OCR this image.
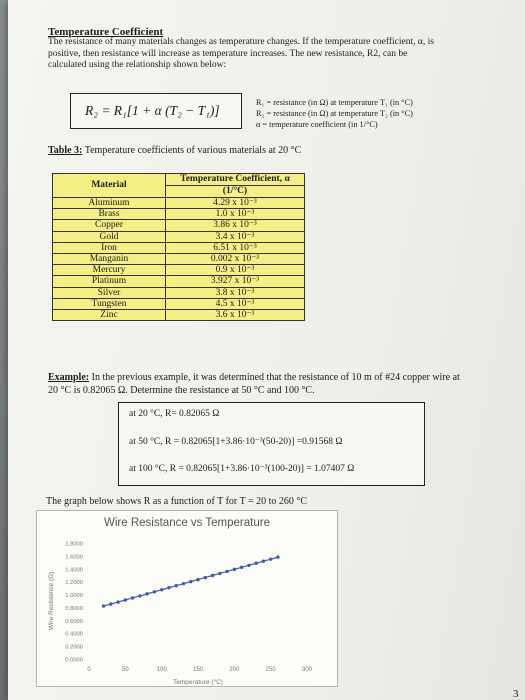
Temperature Coefficient
The resistance of many materials changes as temperature changes. If the temperature coefficient, α, is positive, then resistance will increase as temperature increases. The new resistance, R2, can be calculated using the relationship shown below:
R₂ = R₁[1 + α (T₂ − T₁)]
R₁ = resistance (in Ω) at temperature T₁ (in °C)
R₂ = resistance (in Ω) at temperature T₂ (in °C)
α = temperature coefficient (in 1/°C)
Table 3: Temperature coefficients of various materials at 20 °C
Material	Temperature Coefficient, α
	(1/°C)
Aluminum	4.29 x 10⁻³
Brass	1.0 x 10⁻³
Copper	3.86 x 10⁻³
Gold	3.4 x 10⁻³
Iron	6.51 x 10⁻³
Manganin	0.002 x 10⁻³
Mercury	0.9 x 10⁻³
Platinum	3.927 x 10⁻³
Silver	3.8 x 10⁻³
Tungsten	4.5 x 10⁻³
Zinc	3.6 x 10⁻³
Example: In the previous example, it was determined that the resistance of 10 m of #24 copper wire at 20 °C is 0.82065 Ω. Determine the resistance at 50 °C and 100 °C.
at 20 °C, R= 0.82065 Ω
at 50 °C, R = 0.82065[1+3.86·10⁻³(50-20)] =0.91568 Ω
at 100 °C, R = 0.82065[1+3.86·10⁻³(100-20)] = 1.07407 Ω
The graph below shows R as a function of T for T = 20 to 260 °C
Wire Resistance vs Temperature
0.0000
0.2000
0.4000
0.6000
0.8000
1.0000
1.2000
1.4000
1.6000
1.8000
0	50	100	150	200	250	300
Temperature (°C)
Wire Resistance (Ω)
3
